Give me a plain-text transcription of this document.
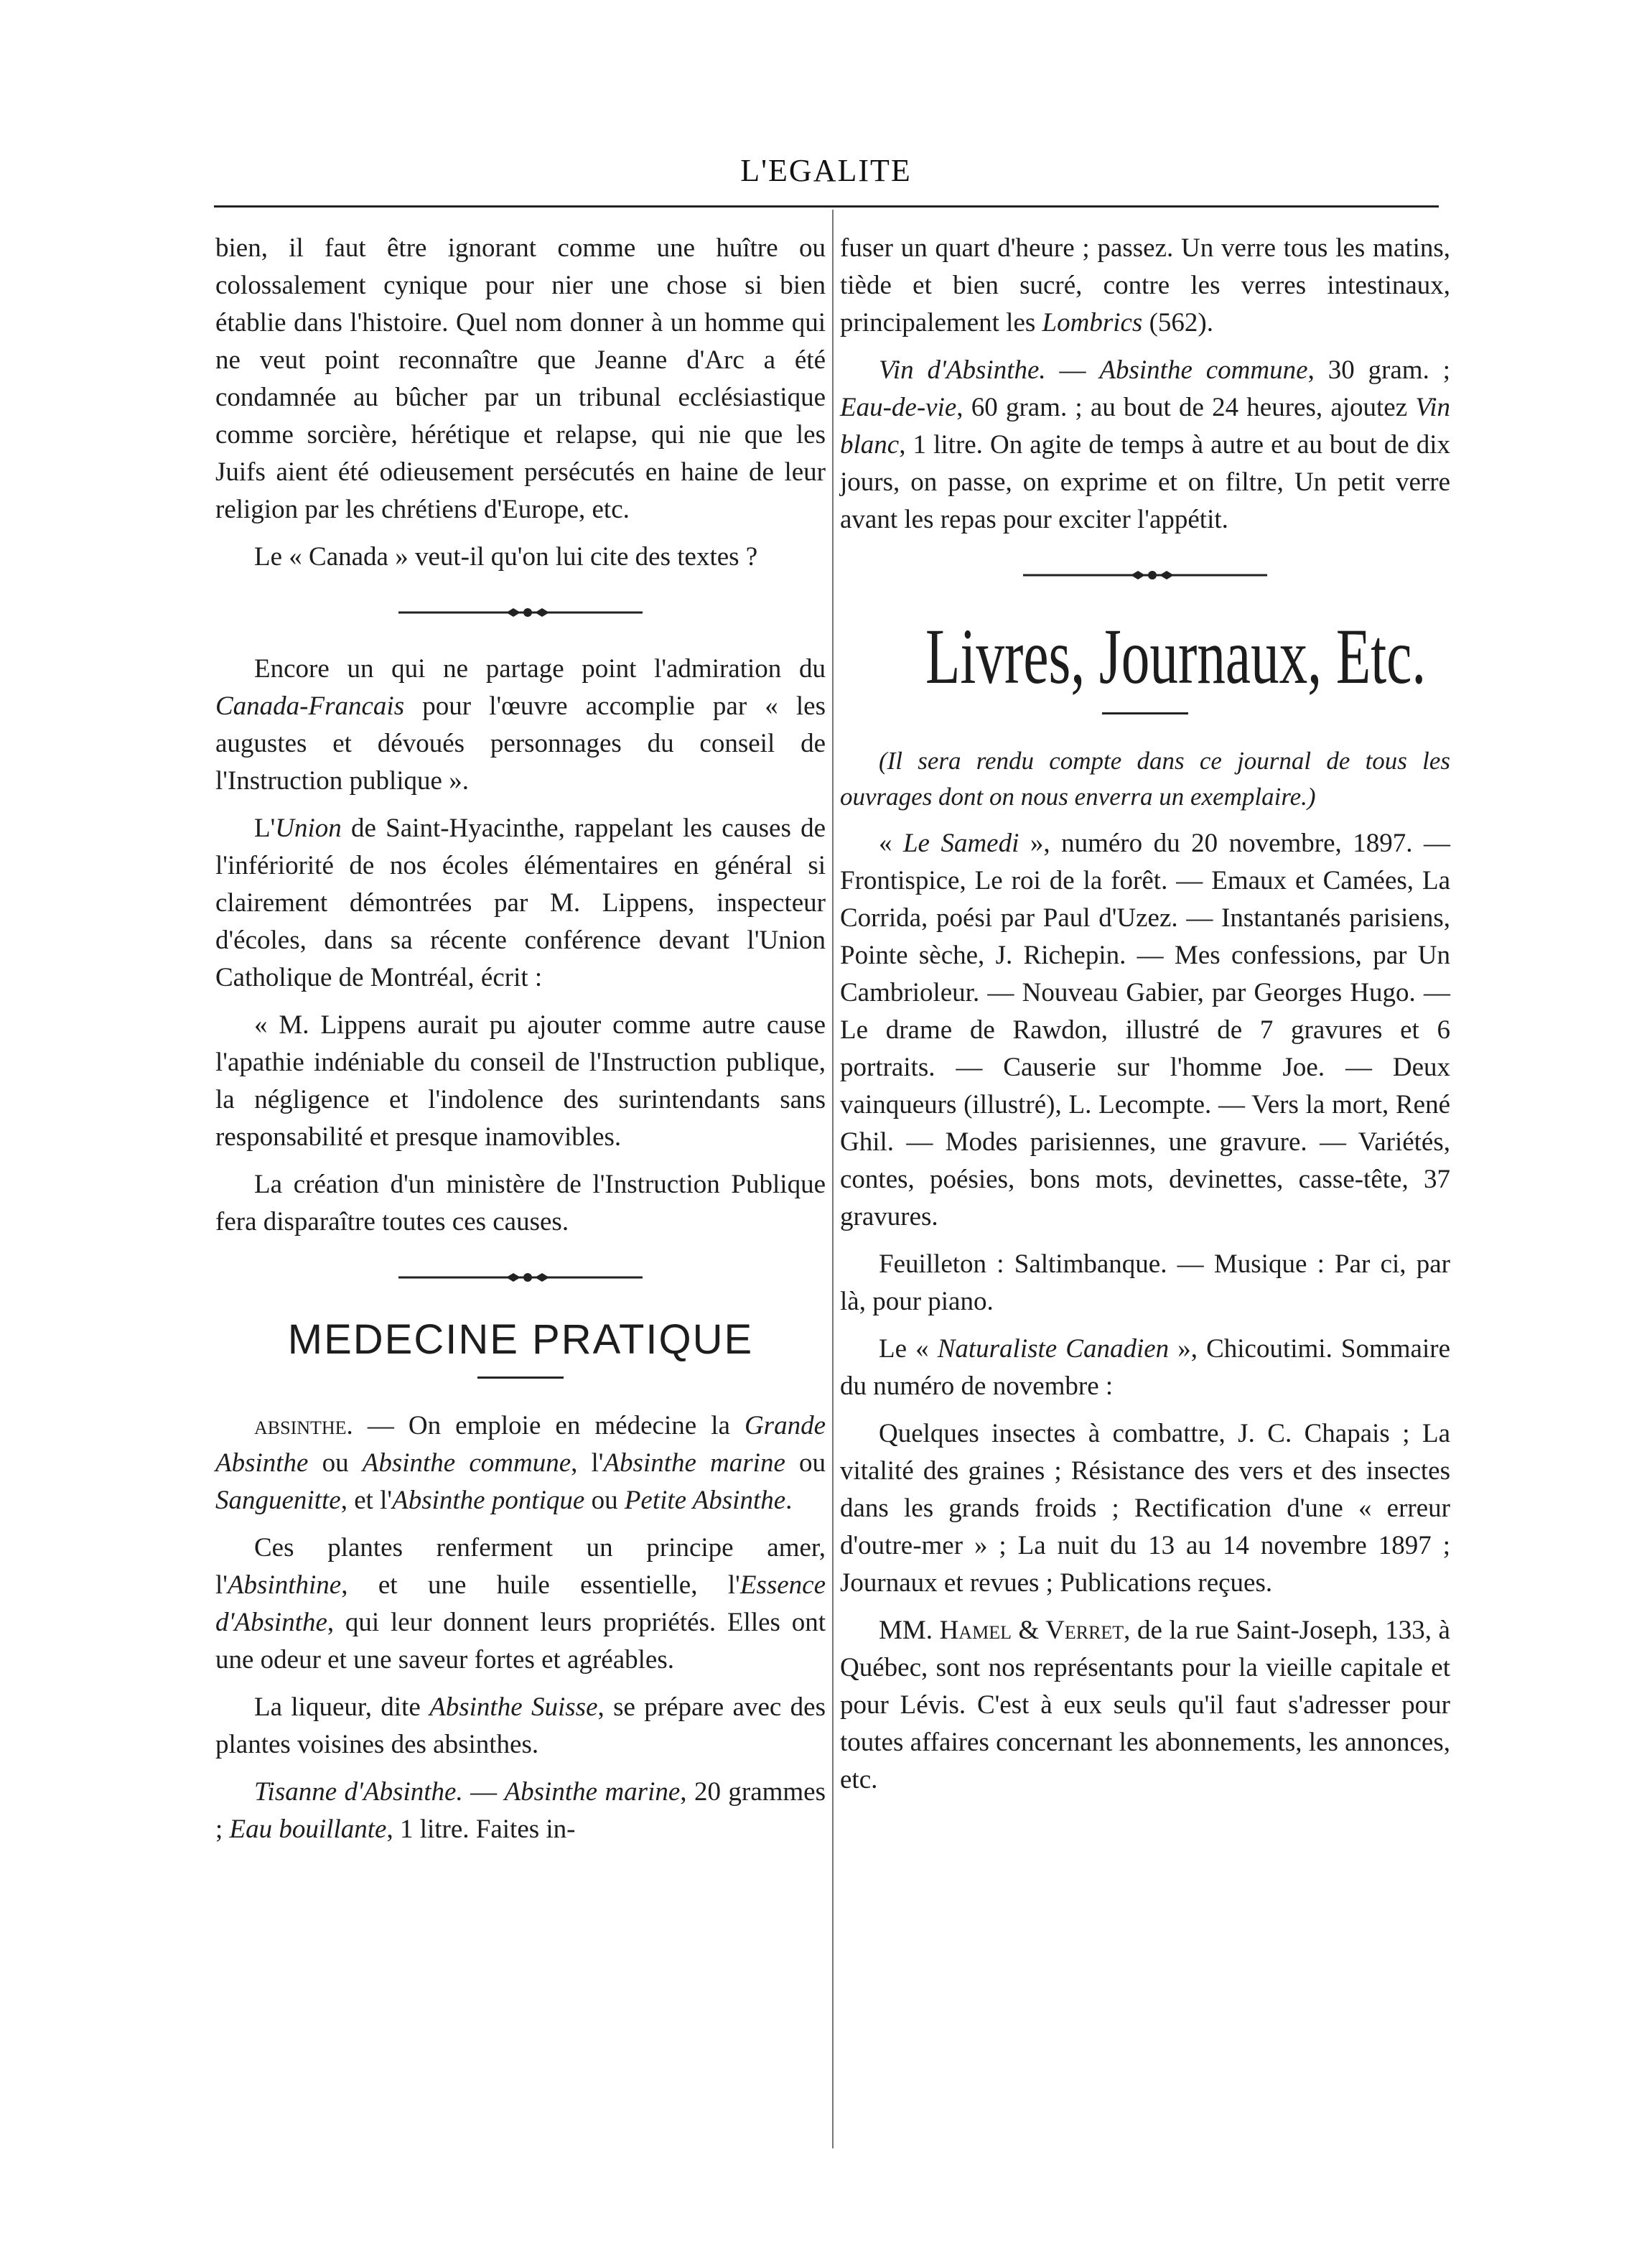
L'EGALITE

bien, il faut être ignorant comme une huître ou colossalement cynique pour nier une chose si bien établie dans l'histoire. Quel nom donner à un homme qui ne veut point reconnaître que Jeanne d'Arc a été condamnée au bûcher par un tribunal ecclésiastique comme sorcière, hérétique et relapse, qui nie que les Juifs aient été odieusement persécutés en haine de leur religion par les chrétiens d'Europe, etc.

Le « Canada » veut-il qu'on lui cite des textes ?

Encore un qui ne partage point l'admiration du Canada-Francais pour l'œuvre accomplie par « les augustes et dévoués personnages du conseil de l'Instruction publique ».

L'Union de Saint-Hyacinthe, rappelant les causes de l'infériorité de nos écoles élémentaires en général si clairement démontrées par M. Lippens, inspecteur d'écoles, dans sa récente conférence devant l'Union Catholique de Montréal, écrit :

« M. Lippens aurait pu ajouter comme autre cause l'apathie indéniable du conseil de l'Instruction publique, la négligence et l'indolence des surintendants sans responsabilité et presque inamovibles.

La création d'un ministère de l'Instruction Publique fera disparaître toutes ces causes.

MEDECINE PRATIQUE

absinthe. — On emploie en médecine la Grande Absinthe ou Absinthe commune, l'Absinthe marine ou Sanguenitte, et l'Absinthe pontique ou Petite Absinthe.

Ces plantes renferment un principe amer, l'Absinthine, et une huile essentielle, l'Essence d'Absinthe, qui leur donnent leurs propriétés. Elles ont une odeur et une saveur fortes et agréables.

La liqueur, dite Absinthe Suisse, se prépare avec des plantes voisines des absinthes.

Tisanne d'Absinthe. — Absinthe marine, 20 grammes ; Eau bouillante, 1 litre. Faites in-

fuser un quart d'heure ; passez. Un verre tous les matins, tiède et bien sucré, contre les verres intestinaux, principalement les Lombrics (562).

Vin d'Absinthe. — Absinthe commune, 30 gram. ; Eau-de-vie, 60 gram. ; au bout de 24 heures, ajoutez Vin blanc, 1 litre. On agite de temps à autre et au bout de dix jours, on passe, on exprime et on filtre, Un petit verre avant les repas pour exciter l'appétit.

Livres, Journaux, Etc.

(Il sera rendu compte dans ce journal de tous les ouvrages dont on nous enverra un exemplaire.)

« Le Samedi », numéro du 20 novembre, 1897. — Frontispice, Le roi de la forêt. — Emaux et Camées, La Corrida, poési par Paul d'Uzez. — Instantanés parisiens, Pointe sèche, J. Richepin. — Mes confessions, par Un Cambrioleur. — Nouveau Gabier, par Georges Hugo. — Le drame de Rawdon, illustré de 7 gravures et 6 portraits. — Causerie sur l'homme Joe. — Deux vainqueurs (illustré), L. Lecompte. — Vers la mort, René Ghil. — Modes parisiennes, une gravure. — Variétés, contes, poésies, bons mots, devinettes, casse-tête, 37 gravures.

Feuilleton : Saltimbanque. — Musique : Par ci, par là, pour piano.

Le « Naturaliste Canadien », Chicoutimi. Sommaire du numéro de novembre :

Quelques insectes à combattre, J. C. Chapais ; La vitalité des graines ; Résistance des vers et des insectes dans les grands froids ; Rectification d'une « erreur d'outre-mer » ; La nuit du 13 au 14 novembre 1897 ; Journaux et revues ; Publications reçues.

MM. Hamel & Verret, de la rue Saint-Joseph, 133, à Québec, sont nos représentants pour la vieille capitale et pour Lévis. C'est à eux seuls qu'il faut s'adresser pour toutes affaires concernant les abonnements, les annonces, etc.
